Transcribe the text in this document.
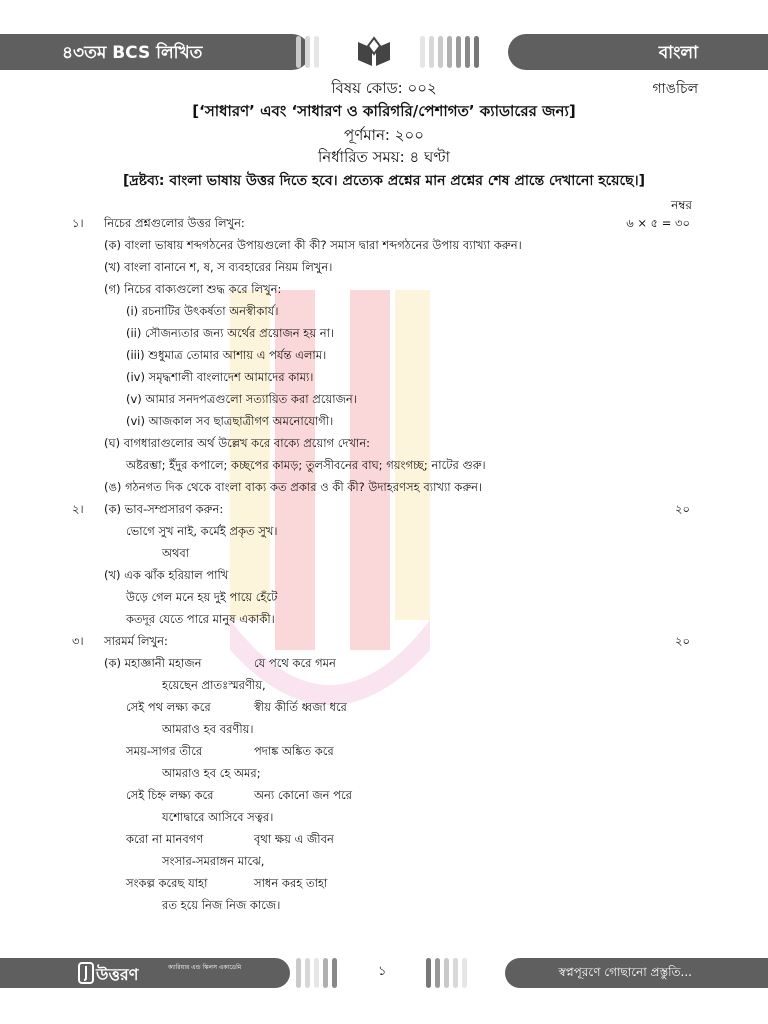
৪৩তম BCS লিখিত	বাংলা
গাঙচিল
বিষয় কোড: ০০২
[‘সাধারণ’ এবং ‘সাধারণ ও কারিগরি/পেশাগত’ ক্যাডারের জন্য]
পূর্ণমান: ২০০
নির্ধারিত সময়: ৪ ঘণ্টা
[দ্রষ্টব্য: বাংলা ভাষায় উত্তর দিতে হবে। প্রত্যেক প্রশ্নের মান প্রশ্নের শেষ প্রান্তে দেখানো হয়েছে।]
নম্বর
১। নিচের প্রশ্নগুলোর উত্তর লিখুন:	৬ × ৫ = ৩০
(ক) বাংলা ভাষায় শব্দগঠনের উপায়গুলো কী কী? সমাস দ্বারা শব্দগঠনের উপায় ব্যাখ্যা করুন।
(খ) বাংলা বানানে শ, ষ, স ব্যবহারের নিয়ম লিখুন।
(গ) নিচের বাক্যগুলো শুদ্ধ করে লিখুন:
(i) রচনাটির উৎকর্ষতা অনস্বীকার্য।
(ii) সৌজন্যতার জন্য অর্থের প্রয়োজন হয় না।
(iii) শুধুমাত্র তোমার আশায় এ পর্যন্ত এলাম।
(iv) সমৃদ্ধশালী বাংলাদেশ আমাদের কাম্য।
(v) আমার সনদপত্রগুলো সত্যায়িত করা প্রয়োজন।
(vi) আজকাল সব ছাত্রছাত্রীগণ অমনোযোগী।
(ঘ) বাগধারাগুলোর অর্থ উল্লেখ করে বাক্যে প্রয়োগ দেখান:
অষ্টরম্ভা; ইঁদুর কপালে; কচ্ছপের কামড়; তুলসীবনের বাঘ; গয়ংগচ্ছ; নাটের গুরু।
(ঙ) গঠনগত দিক থেকে বাংলা বাক্য কত প্রকার ও কী কী? উদাহরণসহ ব্যাখ্যা করুন।
২। (ক) ভাব-সম্প্রসারণ করুন:	২০
ভোগে সুখ নাই, কর্মেই প্রকৃত সুখ।
অথবা
(খ) এক ঝাঁক হরিয়াল পাখি
উড়ে গেল মনে হয় দুই পায়ে হেঁটে
কতদূর যেতে পারে মানুষ একাকী।
৩। সারমর্ম লিখুন:	২০
(ক) মহাজ্ঞানী মহাজন	যে পথে করে গমন
হয়েছেন প্রাতঃস্মরণীয়,
সেই পথ লক্ষ্য করে	স্বীয় কীর্তি ধ্বজা ধরে
আমরাও হব বরণীয়।
সময়-সাগর তীরে	পদাঙ্ক অঙ্কিত করে
আমরাও হব হে অমর;
সেই চিহ্ন লক্ষ্য করে	অন্য কোনো জন পরে
যশোদ্বারে আসিবে সত্বর।
করো না মানবগণ	বৃথা ক্ষয় এ জীবন
সংসার-সমরাঙ্গন মাঝে,
সংকল্প করেছ যাহা	সাধন করহ তাহা
রত হয়ে নিজ নিজ কাজে।
উত্তরণ	ক্যারিয়ার এন্ড স্কিলস একাডেমি	স্বপ্নপূরণে গোছানো প্রস্তুতি...
১
